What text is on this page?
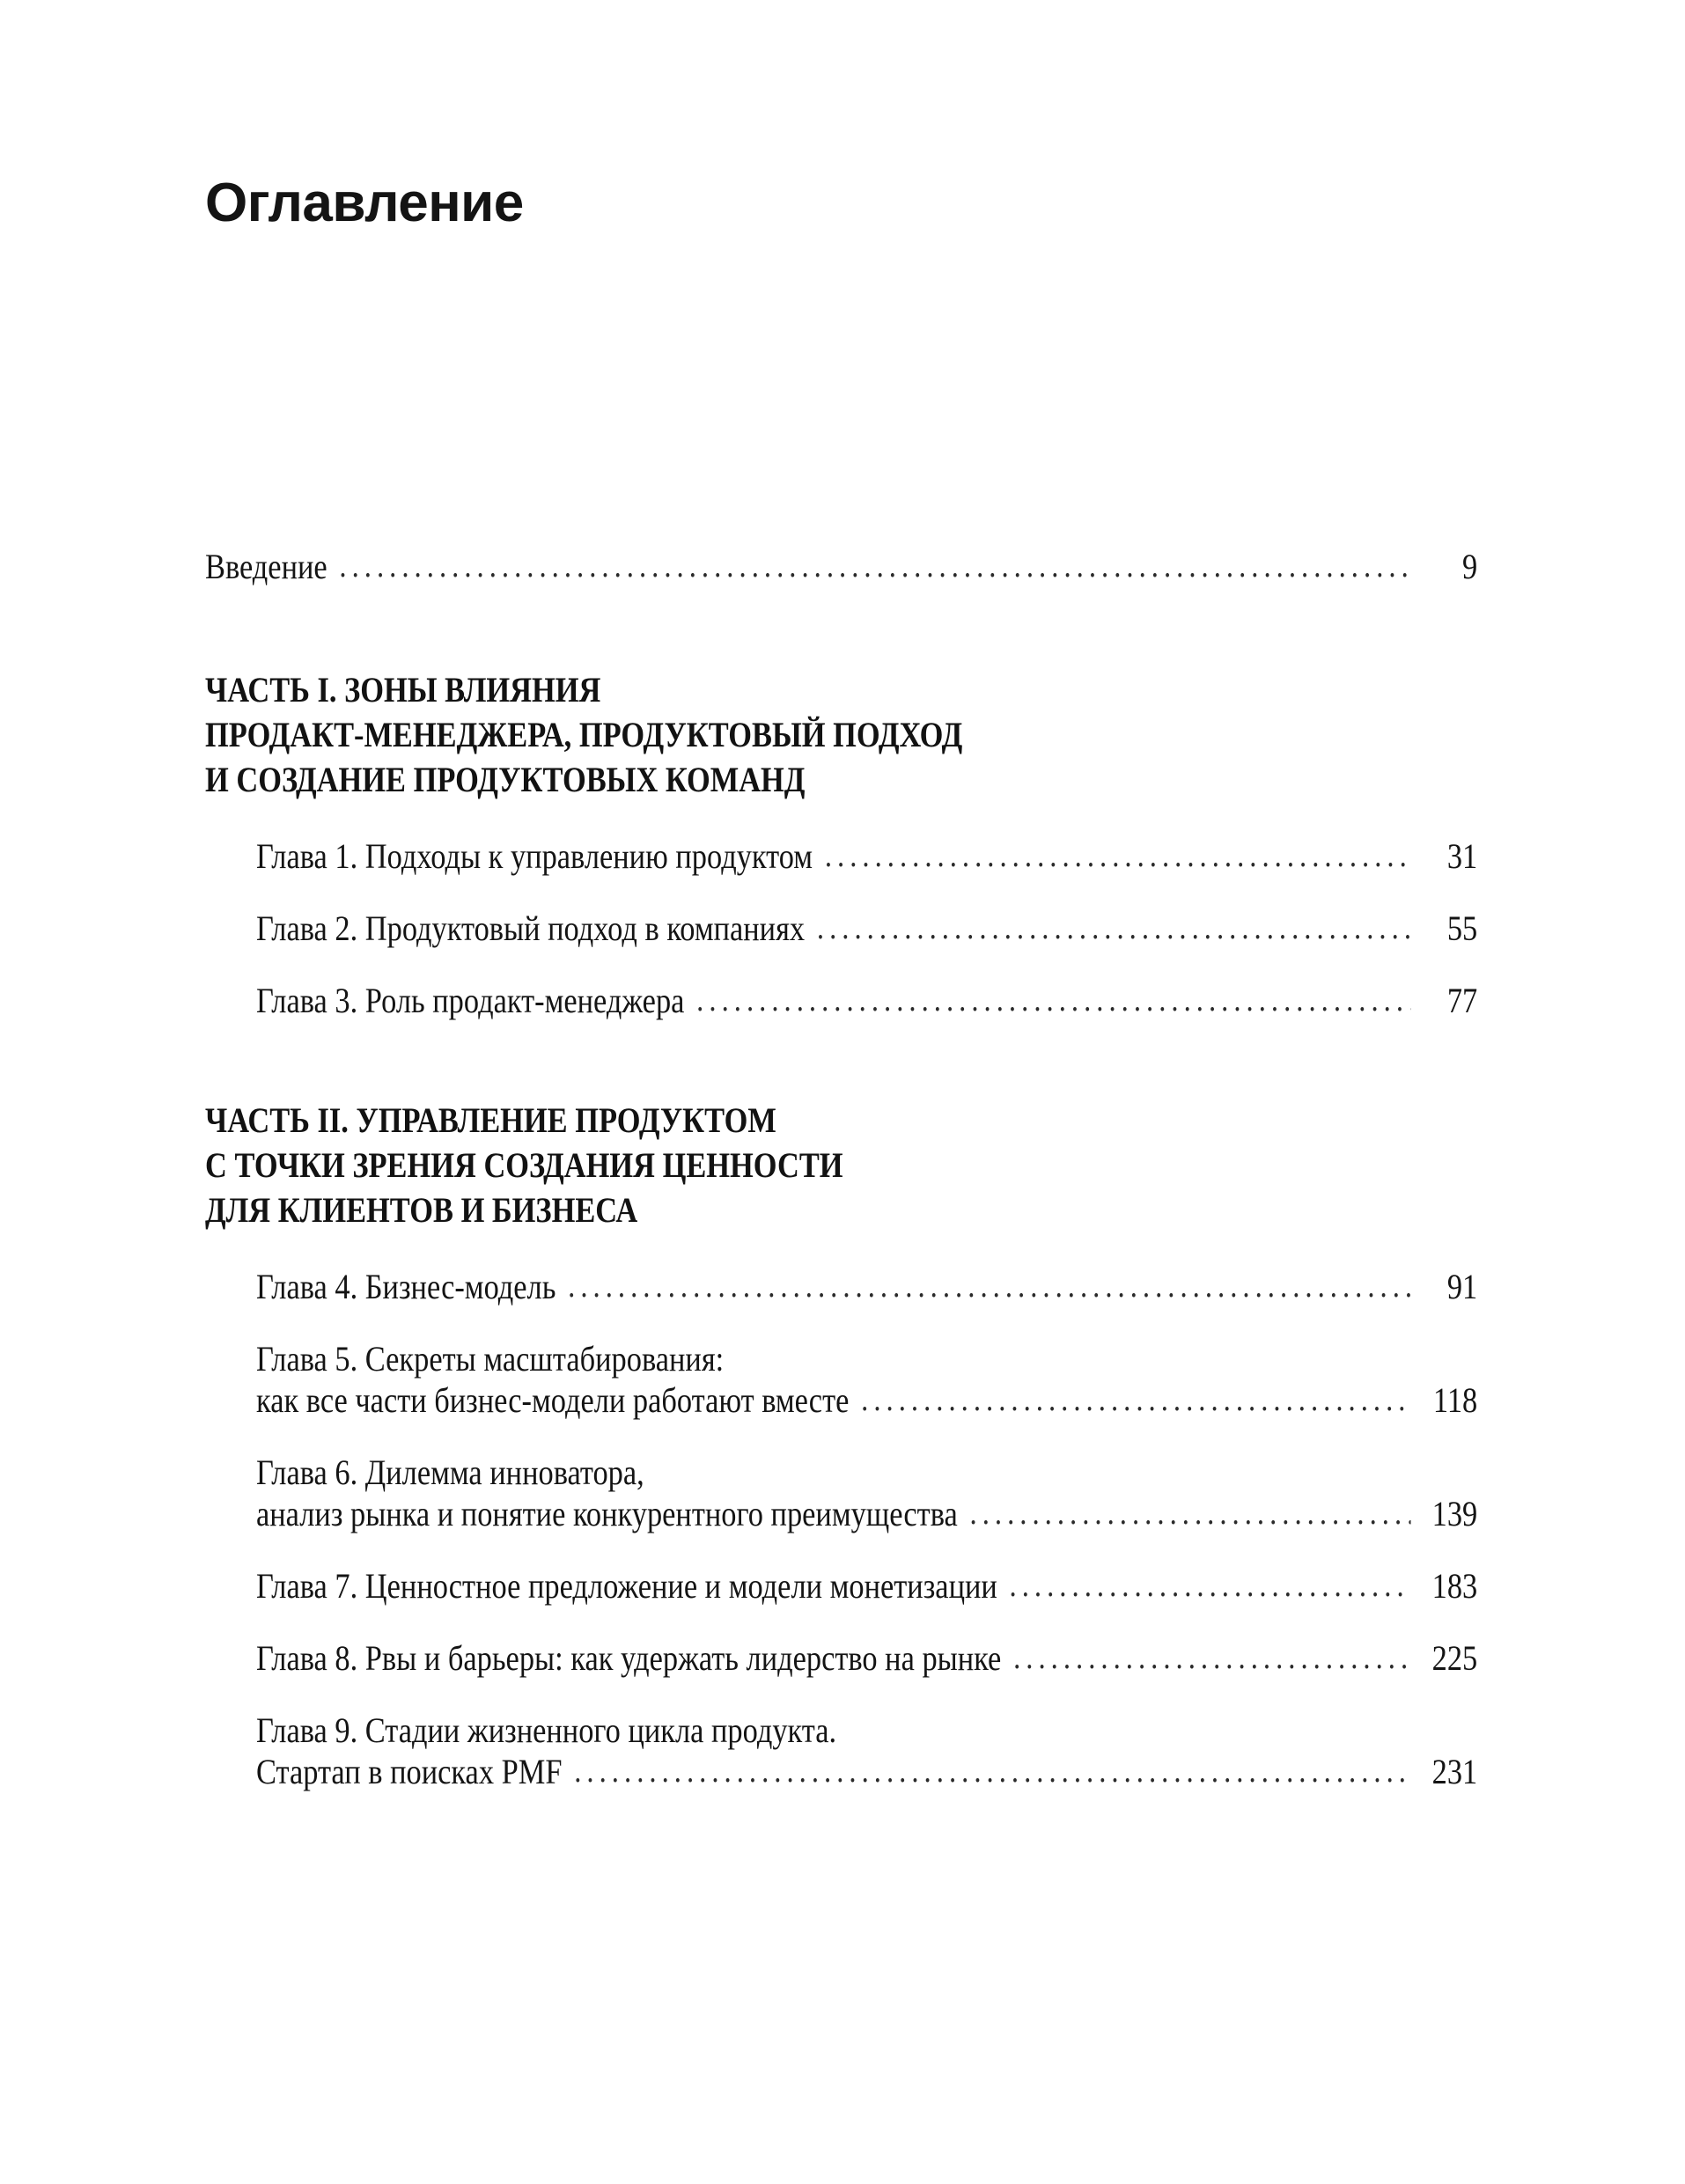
Оглавление
Введение .....	9
ЧАСТЬ I. ЗОНЫ ВЛИЯНИЯ
ПРОДАКТ-МЕНЕДЖЕРА, ПРОДУКТОВЫЙ ПОДХОД
И СОЗДАНИЕ ПРОДУКТОВЫХ КОМАНД
Глава 1. Подходы к управлению продуктом .....	31
Глава 2. Продуктовый подход в компаниях .....	55
Глава 3. Роль продакт-менеджера .....	77
ЧАСТЬ II. УПРАВЛЕНИЕ ПРОДУКТОМ
С ТОЧКИ ЗРЕНИЯ СОЗДАНИЯ ЦЕННОСТИ
ДЛЯ КЛИЕНТОВ И БИЗНЕСА
Глава 4. Бизнес-модель .....	91
Глава 5. Секреты масштабирования:
как все части бизнес-модели работают вместе .....	118
Глава 6. Дилемма инноватора,
анализ рынка и понятие конкурентного преимущества .....	139
Глава 7. Ценностное предложение и модели монетизации .....	183
Глава 8. Рвы и барьеры: как удержать лидерство на рынке .....	225
Глава 9. Стадии жизненного цикла продукта.
Стартап в поисках PMF .....	231
